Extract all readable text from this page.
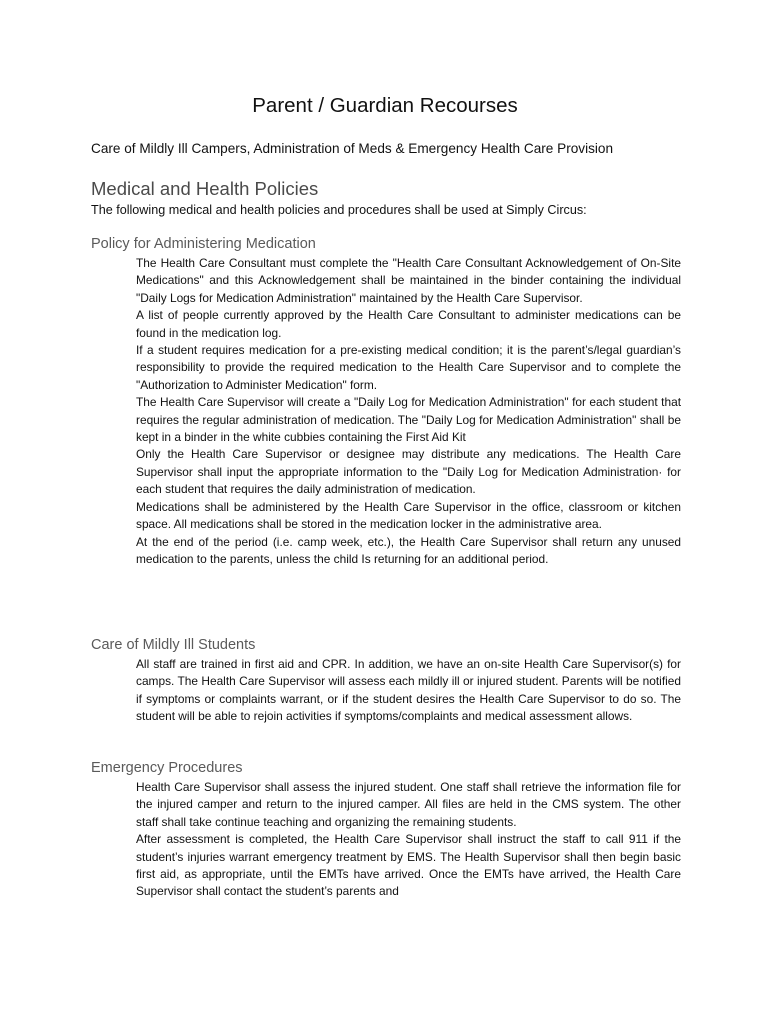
Parent / Guardian Recourses
Care of Mildly Ill Campers, Administration of Meds & Emergency Health Care Provision
Medical and Health Policies
The following medical and health policies and procedures shall be used at Simply Circus:
Policy for Administering Medication

The Health Care Consultant must complete the "Health Care Consultant Acknowledgement of On-Site Medications" and this Acknowledgement shall be maintained in the binder containing the individual "Daily Logs for Medication Administration" maintained by the Health Care Supervisor.

A list of people currently approved by the Health Care Consultant to administer medications can be found in the medication log.

If a student requires medication for a pre-existing medical condition; it is the parent’s/legal guardian’s responsibility to provide the required medication to the Health Care Supervisor and to complete the "Authorization to Administer Medication" form.

The Health Care Supervisor will create a "Daily Log for Medication Administration" for each student that requires the regular administration of medication. The "Daily Log for Medication Administration" shall be kept in a binder in the white cubbies containing the First Aid Kit

Only the Health Care Supervisor or designee may distribute any medications. The Health Care Supervisor shall input the appropriate information to the "Daily Log for Medication Administration· for each student that requires the daily administration of medication.

Medications shall be administered by the Health Care Supervisor in the office, classroom or kitchen space. All medications shall be stored in the medication locker in the administrative area.

At the end of the period (i.e. camp week, etc.), the Health Care Supervisor shall return any unused medication to the parents, unless the child Is returning for an additional period.

Care of Mildly Ill Students

All staff are trained in first aid and CPR. In addition, we have an on-site Health Care Supervisor(s) for camps. The Health Care Supervisor will assess each mildly ill or injured student. Parents will be notified if symptoms or complaints warrant, or if the student desires the Health Care Supervisor to do so. The student will be able to rejoin activities if symptoms/complaints and medical assessment allows.

Emergency Procedures

Health Care Supervisor shall assess the injured student. One staff shall retrieve the information file for the injured camper and return to the injured camper. All files are held in the CMS system. The other staff shall take continue teaching and organizing the remaining students.

After assessment is completed, the Health Care Supervisor shall instruct the staff to call 911 if the student’s injuries warrant emergency treatment by EMS. The Health Supervisor shall then begin basic first aid, as appropriate, until the EMTs have arrived. Once the EMTs have arrived, the Health Care Supervisor shall contact the student’s parents and
